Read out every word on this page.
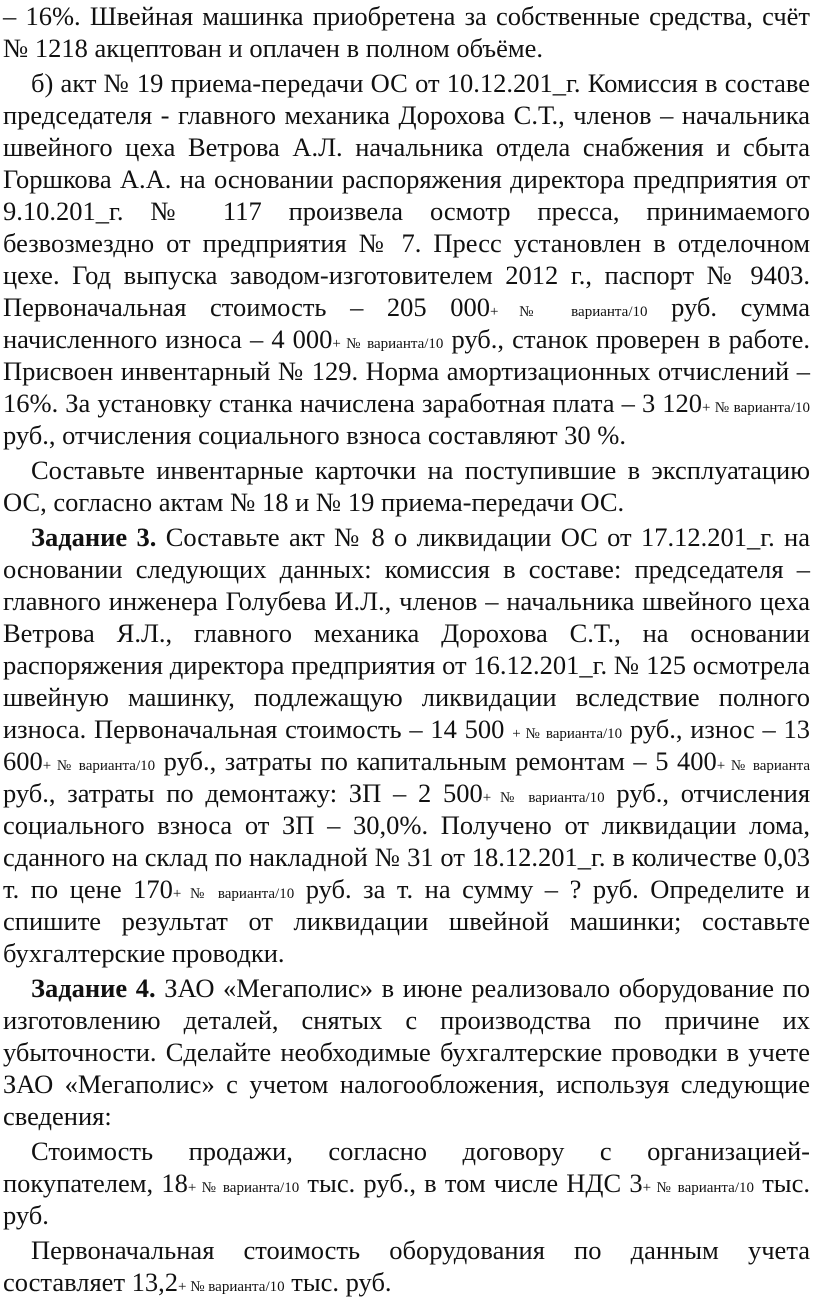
– 16%. Швейная машинка приобретена за собственные средства, счёт № 1218 акцептован и оплачен в полном объёме.

б) акт № 19 приема-передачи ОС от 10.12.201_г. Комиссия в составе председателя - главного механика Дорохова С.Т., членов – начальника швейного цеха Ветрова А.Л. начальника отдела снабжения и сбыта Горшкова А.А. на основании распоряжения директора предприятия от 9.10.201_г. № 117 произвела осмотр пресса, принимаемого безвозмездно от предприятия № 7. Пресс установлен в отделочном цехе. Год выпуска заводом-изготовителем 2012 г., паспорт № 9403. Первоначальная стоимость – 205 000+ № варианта/10 руб. сумма начисленного износа – 4 000+ № варианта/10 руб., станок проверен в работе. Присвоен инвентарный № 129. Норма амортизационных отчислений – 16%. За установку станка начислена заработная плата – 3 120+ № варианта/10 руб., отчисления социального взноса составляют 30 %.

Составьте инвентарные карточки на поступившие в эксплуатацию ОС, согласно актам № 18 и № 19 приема-передачи ОС.

Задание 3. Составьте акт № 8 о ликвидации ОС от 17.12.201_г. на основании следующих данных: комиссия в составе: председателя – главного инженера Голубева И.Л., членов – начальника швейного цеха Ветрова Я.Л., главного механика Дорохова С.Т., на основании распоряжения директора предприятия от 16.12.201_г. № 125 осмотрела швейную машинку, подлежащую ликвидации вследствие полного износа. Первоначальная стоимость – 14 500 + № варианта/10 руб., износ – 13 600+ № варианта/10 руб., затраты по капитальным ремонтам – 5 400+ № варианта руб., затраты по демонтажу: ЗП – 2 500+ № варианта/10 руб., отчисления социального взноса от ЗП – 30,0%. Получено от ликвидации лома, сданного на склад по накладной № 31 от 18.12.201_г. в количестве 0,03 т. по цене 170+ № варианта/10 руб. за т. на сумму – ? руб. Определите и спишите результат от ликвидации швейной машинки; составьте бухгалтерские проводки.

Задание 4. ЗАО «Мегаполис» в июне реализовало оборудование по изготовлению деталей, снятых с производства по причине их убыточности. Сделайте необходимые бухгалтерские проводки в учете ЗАО «Мегаполис» с учетом налогообложения, используя следующие сведения:

Стоимость продажи, согласно договору с организацией-покупателем, 18+ № варианта/10 тыс. руб., в том числе НДС 3+ № варианта/10 тыс. руб.

Первоначальная стоимость оборудования по данным учета составляет 13,2+ № варианта/10 тыс. руб.
